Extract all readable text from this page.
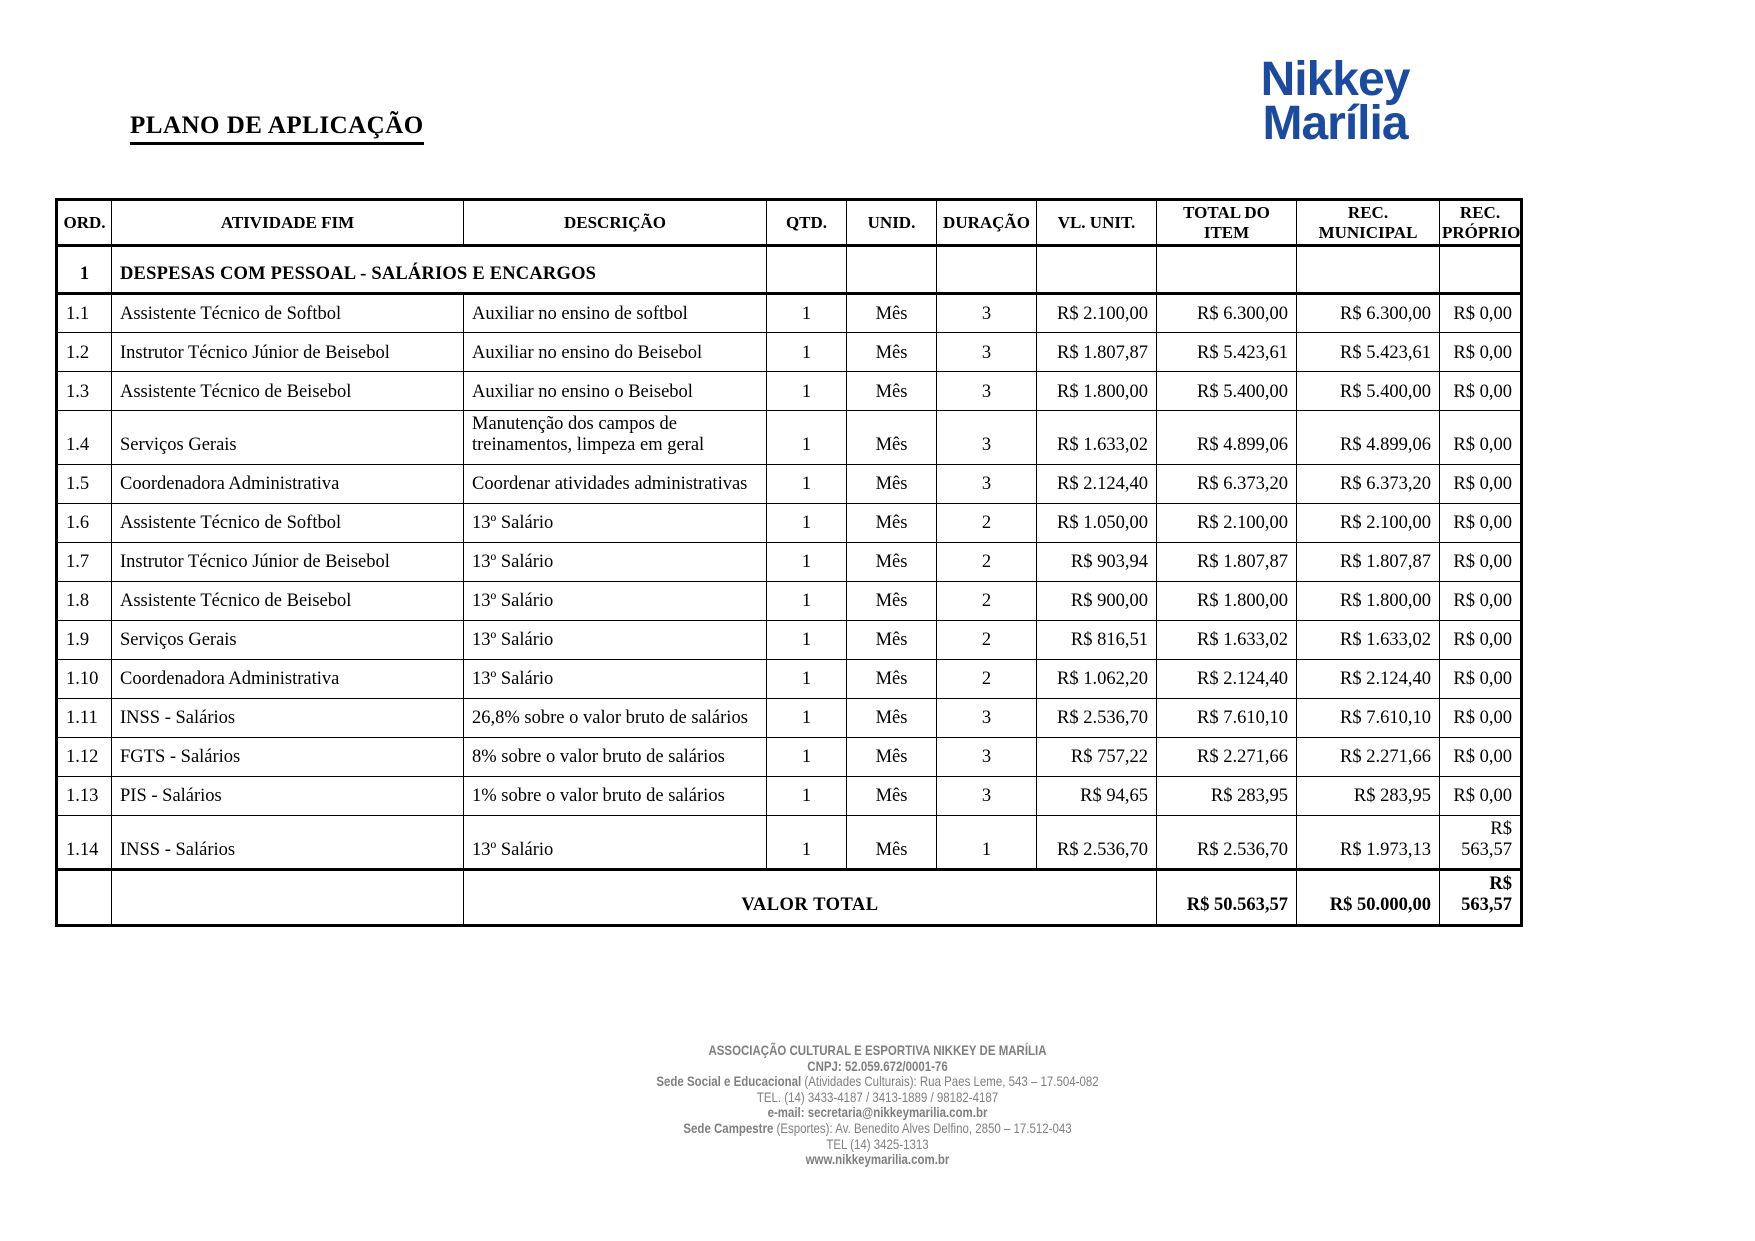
PLANO DE APLICAÇÃO
Nikkey
Marília
ORD.	ATIVIDADE FIM	DESCRIÇÃO	QTD.	UNID.	DURAÇÃO	VL. UNIT.	TOTAL DO ITEM	REC. MUNICIPAL	REC. PRÓPRIO
1	DESPESAS COM PESSOAL - SALÁRIOS E ENCARGOS								
1.1	Assistente Técnico de Softbol	Auxiliar no ensino de softbol	1	Mês	3	R$ 2.100,00	R$ 6.300,00	R$ 6.300,00	R$ 0,00
1.2	Instrutor Técnico Júnior de Beisebol	Auxiliar no ensino do Beisebol	1	Mês	3	R$ 1.807,87	R$ 5.423,61	R$ 5.423,61	R$ 0,00
1.3	Assistente Técnico de Beisebol	Auxiliar no ensino o Beisebol	1	Mês	3	R$ 1.800,00	R$ 5.400,00	R$ 5.400,00	R$ 0,00
1.4	Serviços Gerais	Manutenção dos campos de treinamentos, limpeza em geral	1	Mês	3	R$ 1.633,02	R$ 4.899,06	R$ 4.899,06	R$ 0,00
1.5	Coordenadora Administrativa	Coordenar atividades administrativas	1	Mês	3	R$ 2.124,40	R$ 6.373,20	R$ 6.373,20	R$ 0,00
1.6	Assistente Técnico de Softbol	13º Salário	1	Mês	2	R$ 1.050,00	R$ 2.100,00	R$ 2.100,00	R$ 0,00
1.7	Instrutor Técnico Júnior de Beisebol	13º Salário	1	Mês	2	R$ 903,94	R$ 1.807,87	R$ 1.807,87	R$ 0,00
1.8	Assistente Técnico de Beisebol	13º Salário	1	Mês	2	R$ 900,00	R$ 1.800,00	R$ 1.800,00	R$ 0,00
1.9	Serviços Gerais	13º Salário	1	Mês	2	R$ 816,51	R$ 1.633,02	R$ 1.633,02	R$ 0,00
1.10	Coordenadora Administrativa	13º Salário	1	Mês	2	R$ 1.062,20	R$ 2.124,40	R$ 2.124,40	R$ 0,00
1.11	INSS - Salários	26,8% sobre o valor bruto de salários	1	Mês	3	R$ 2.536,70	R$ 7.610,10	R$ 7.610,10	R$ 0,00
1.12	FGTS - Salários	8% sobre o valor bruto de salários	1	Mês	3	R$ 757,22	R$ 2.271,66	R$ 2.271,66	R$ 0,00
1.13	PIS - Salários	1% sobre o valor bruto de salários	1	Mês	3	R$ 94,65	R$ 283,95	R$ 283,95	R$ 0,00
1.14	INSS - Salários	13º Salário	1	Mês	1	R$ 2.536,70	R$ 2.536,70	R$ 1.973,13	R$ 563,57
		VALOR TOTAL					R$ 50.563,57	R$ 50.000,00	R$ 563,57
ASSOCIAÇÃO CULTURAL E ESPORTIVA NIKKEY DE MARÍLIA
CNPJ: 52.059.672/0001-76
Sede Social e Educacional (Atividades Culturais): Rua Paes Leme, 543 – 17.504-082
TEL. (14) 3433-4187 / 3413-1889 / 98182-4187
e-mail: secretaria@nikkeymarilia.com.br
Sede Campestre (Esportes): Av. Benedito Alves Delfino, 2850 – 17.512-043
TEL (14) 3425-1313
www.nikkeymarilia.com.br
